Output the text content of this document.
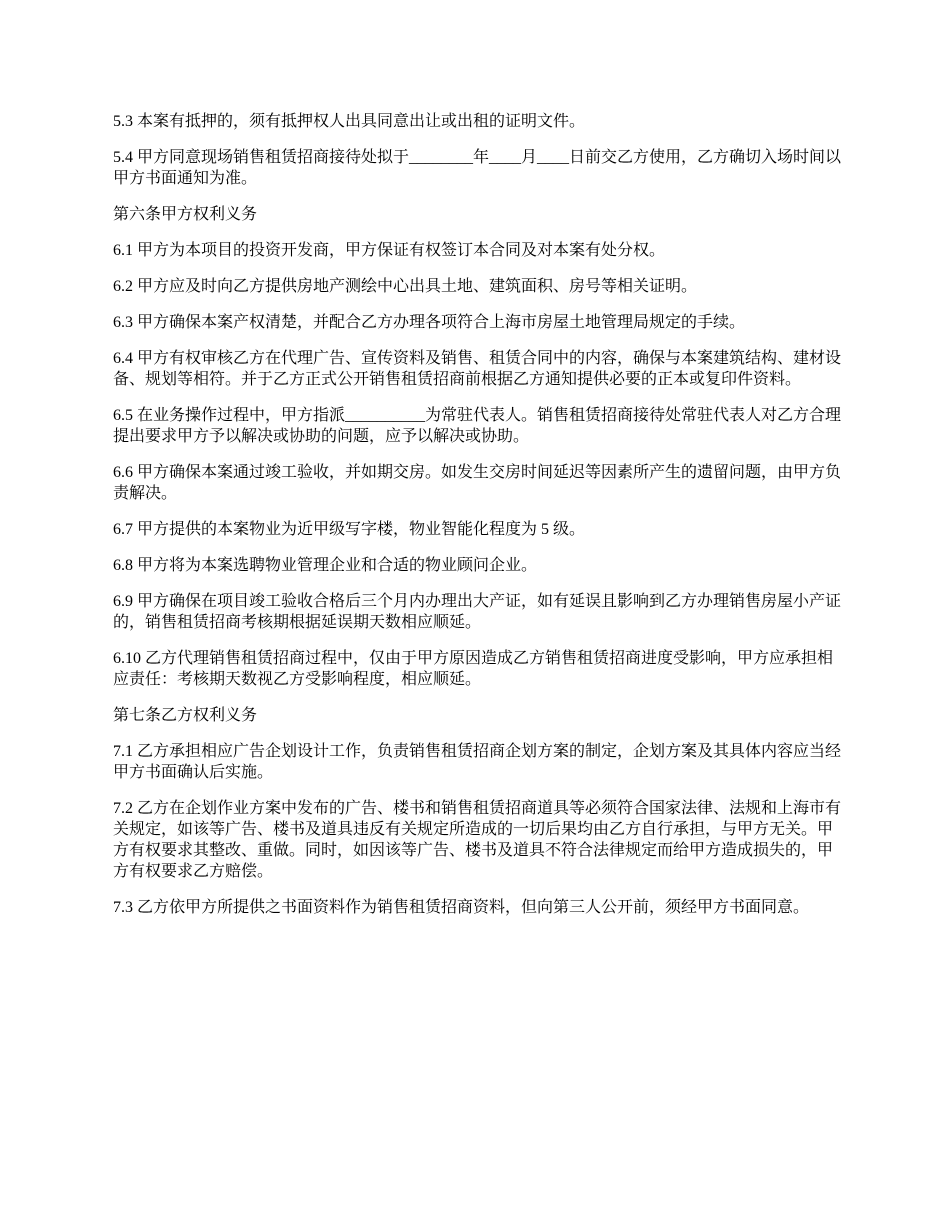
5.3 本案有抵押的，须有抵押权人出具同意出让或出租的证明文件。

5.4 甲方同意现场销售租赁招商接待处拟于________年____月____日前交乙方使用，乙方确切入场时间以甲方书面通知为准。

第六条甲方权利义务

6.1 甲方为本项目的投资开发商，甲方保证有权签订本合同及对本案有处分权。

6.2 甲方应及时向乙方提供房地产测绘中心出具土地、建筑面积、房号等相关证明。

6.3 甲方确保本案产权清楚，并配合乙方办理各项符合上海市房屋土地管理局规定的手续。

6.4 甲方有权审核乙方在代理广告、宣传资料及销售、租赁合同中的内容，确保与本案建筑结构、建材设备、规划等相符。并于乙方正式公开销售租赁招商前根据乙方通知提供必要的正本或复印件资料。

6.5 在业务操作过程中，甲方指派__________为常驻代表人。销售租赁招商接待处常驻代表人对乙方合理提出要求甲方予以解决或协助的问题，应予以解决或协助。

6.6 甲方确保本案通过竣工验收，并如期交房。如发生交房时间延迟等因素所产生的遗留问题，由甲方负责解决。

6.7 甲方提供的本案物业为近甲级写字楼，物业智能化程度为 5 级。

6.8 甲方将为本案选聘物业管理企业和合适的物业顾问企业。

6.9 甲方确保在项目竣工验收合格后三个月内办理出大产证，如有延误且影响到乙方办理销售房屋小产证的，销售租赁招商考核期根据延误期天数相应顺延。

6.10 乙方代理销售租赁招商过程中，仅由于甲方原因造成乙方销售租赁招商进度受影响，甲方应承担相应责任：考核期天数视乙方受影响程度，相应顺延。

第七条乙方权利义务

7.1 乙方承担相应广告企划设计工作，负责销售租赁招商企划方案的制定，企划方案及其具体内容应当经甲方书面确认后实施。

7.2 乙方在企划作业方案中发布的广告、楼书和销售租赁招商道具等必须符合国家法律、法规和上海市有关规定，如该等广告、楼书及道具违反有关规定所造成的一切后果均由乙方自行承担，与甲方无关。甲方有权要求其整改、重做。同时，如因该等广告、楼书及道具不符合法律规定而给甲方造成损失的，甲方有权要求乙方赔偿。

7.3 乙方依甲方所提供之书面资料作为销售租赁招商资料，但向第三人公开前，须经甲方书面同意。
